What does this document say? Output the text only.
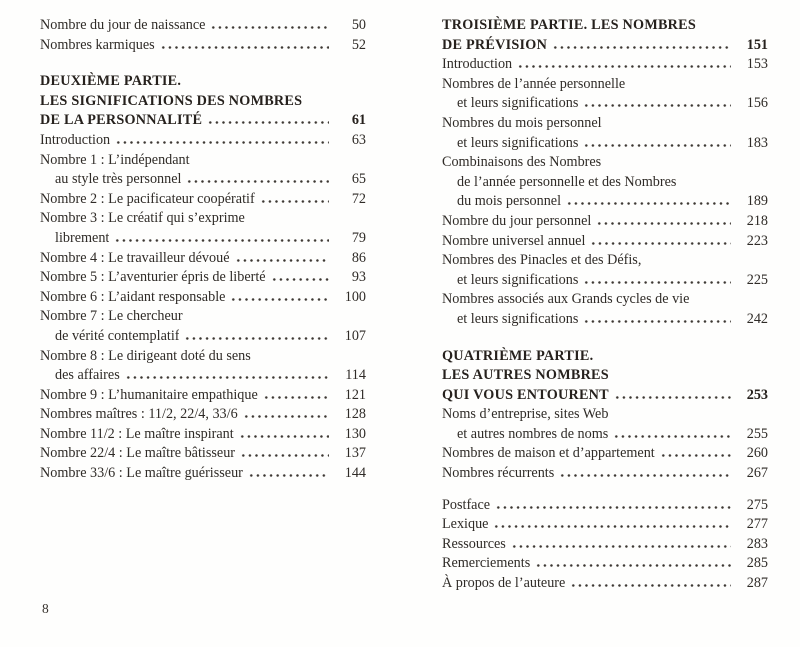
Nombre du jour de naissance	50
Nombres karmiques	52
DEUXIÈME PARTIE.
LES SIGNIFICATIONS DES NOMBRES
DE LA PERSONNALITÉ	61
Introduction	63
Nombre 1 : L’indépendant
au style très personnel	65
Nombre 2 : Le pacificateur coopératif	72
Nombre 3 : Le créatif qui s’exprime
librement	79
Nombre 4 : Le travailleur dévoué	86
Nombre 5 : L’aventurier épris de liberté	93
Nombre 6 : L’aidant responsable	100
Nombre 7 : Le chercheur
de vérité contemplatif	107
Nombre 8 : Le dirigeant doté du sens
des affaires	114
Nombre 9 : L’humanitaire empathique	121
Nombres maîtres : 11/2, 22/4, 33/6	128
Nombre 11/2 : Le maître inspirant	130
Nombre 22/4 : Le maître bâtisseur	137
Nombre 33/6 : Le maître guérisseur	144
8
TROISIÈME PARTIE. LES NOMBRES
DE PRÉVISION	151
Introduction	153
Nombres de l’année personnelle
et leurs significations	156
Nombres du mois personnel
et leurs significations	183
Combinaisons des Nombres
de l’année personnelle et des Nombres
du mois personnel	189
Nombre du jour personnel	218
Nombre universel annuel	223
Nombres des Pinacles et des Défis,
et leurs significations	225
Nombres associés aux Grands cycles de vie
et leurs significations	242
QUATRIÈME PARTIE.
LES AUTRES NOMBRES
QUI VOUS ENTOURENT	253
Noms d’entreprise, sites Web
et autres nombres de noms	255
Nombres de maison et d’appartement	260
Nombres récurrents	267
Postface	275
Lexique	277
Ressources	283
Remerciements	285
À propos de l’auteure	287
